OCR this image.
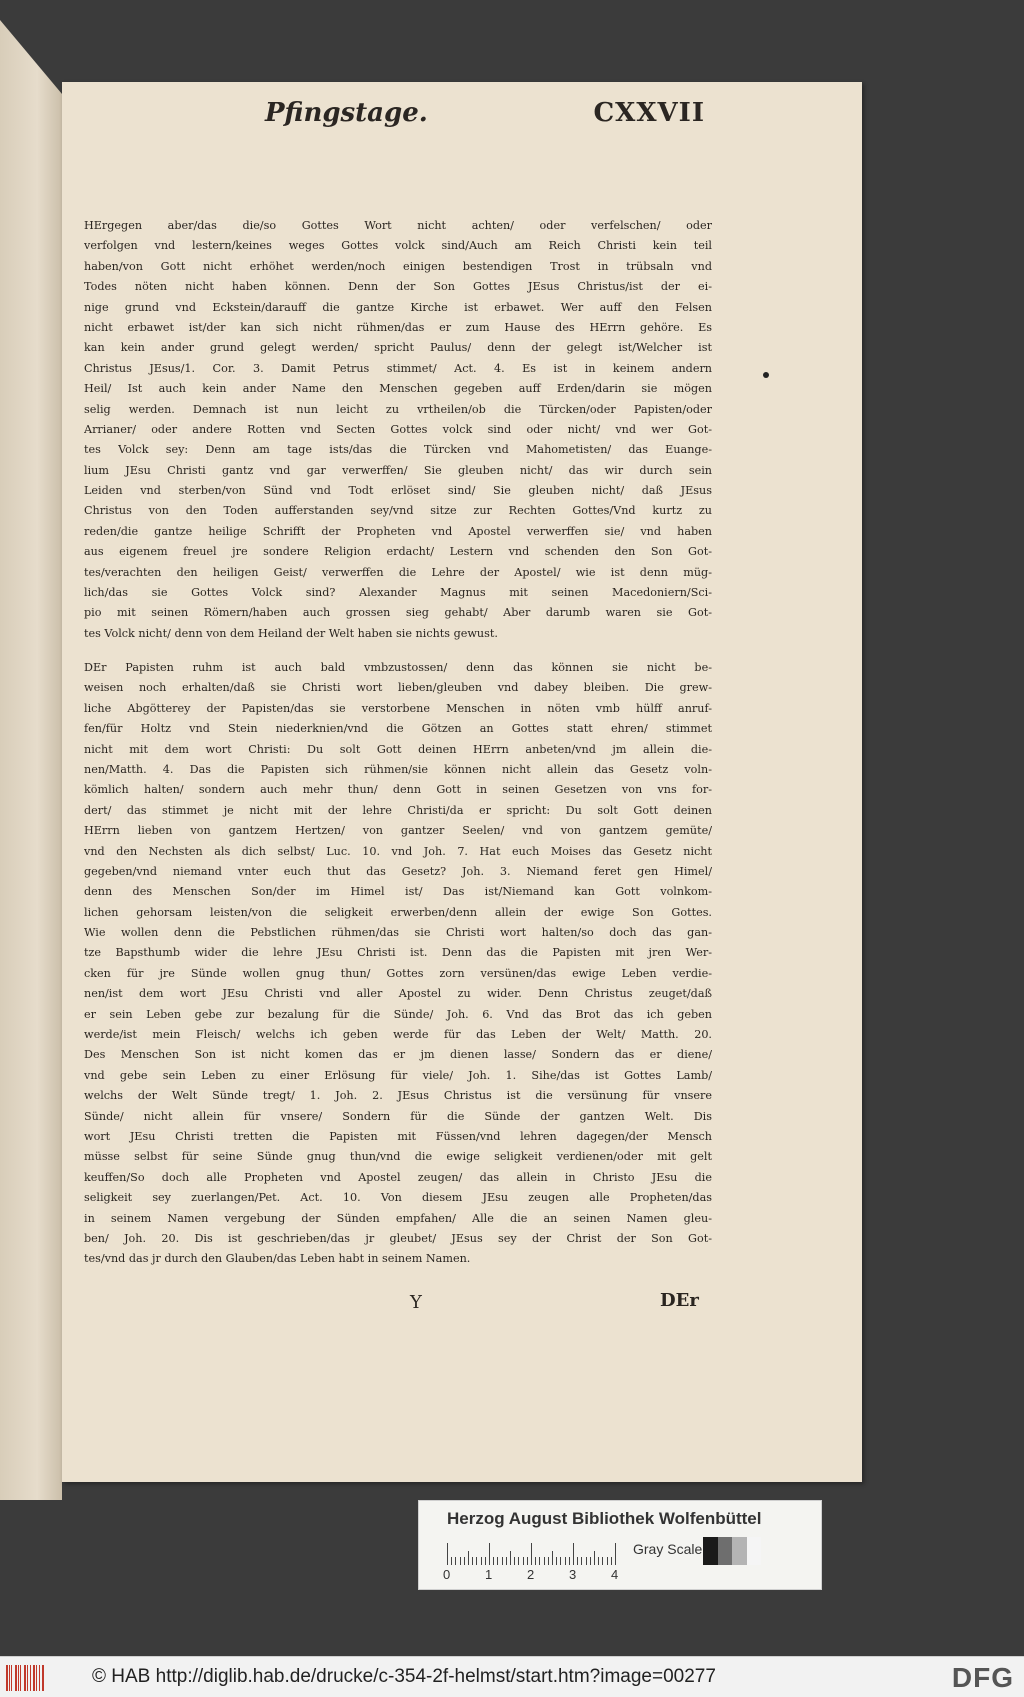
Pfingstage.	CXXVII
HErgegen aber/das die/so Gottes Wort nicht achten/ oder verfelschen/ oder
verfolgen vnd lestern/keines weges Gottes volck sind/Auch am Reich Christi kein teil
haben/von Gott nicht erhöhet werden/noch einigen bestendigen Trost in trübsaln vnd
Todes nöten nicht haben können. Denn der Son Gottes JEsus Christus/ist der ei-
nige grund vnd Eckstein/darauff die gantze Kirche ist erbawet. Wer auff den Felsen
nicht erbawet ist/der kan sich nicht rühmen/das er zum Hause des HErrn gehöre. Es
kan kein ander grund gelegt werden/ spricht Paulus/ denn der gelegt ist/Welcher ist
Christus JEsus/1. Cor. 3. Damit Petrus stimmet/ Act. 4. Es ist in keinem andern
Heil/ Ist auch kein ander Name den Menschen gegeben auff Erden/darin sie mögen
selig werden. Demnach ist nun leicht zu vrtheilen/ob die Türcken/oder Papisten/oder
Arrianer/ oder andere Rotten vnd Secten Gottes volck sind oder nicht/ vnd wer Got-
tes Volck sey: Denn am tage ists/das die Türcken vnd Mahometisten/ das Euange-
lium JEsu Christi gantz vnd gar verwerffen/ Sie gleuben nicht/ das wir durch sein
Leiden vnd sterben/von Sünd vnd Todt erlöset sind/ Sie gleuben nicht/ daß JEsus
Christus von den Toden aufferstanden sey/vnd sitze zur Rechten Gottes/Vnd kurtz zu
reden/die gantze heilige Schrifft der Propheten vnd Apostel verwerffen sie/ vnd haben
aus eigenem freuel jre sondere Religion erdacht/ Lestern vnd schenden den Son Got-
tes/verachten den heiligen Geist/ verwerffen die Lehre der Apostel/ wie ist denn müg-
lich/das sie Gottes Volck sind? Alexander Magnus mit seinen Macedoniern/Sci-
pio mit seinen Römern/haben auch grossen sieg gehabt/ Aber darumb waren sie Got-
tes Volck nicht/ denn von dem Heiland der Welt haben sie nichts gewust.
DEr Papisten ruhm ist auch bald vmbzustossen/ denn das können sie nicht be-
weisen noch erhalten/daß sie Christi wort lieben/gleuben vnd dabey bleiben. Die grew-
liche Abgötterey der Papisten/das sie verstorbene Menschen in nöten vmb hülff anruf-
fen/für Holtz vnd Stein niederknien/vnd die Götzen an Gottes statt ehren/ stimmet
nicht mit dem wort Christi: Du solt Gott deinen HErrn anbeten/vnd jm allein die-
nen/Matth. 4. Das die Papisten sich rühmen/sie können nicht allein das Gesetz voln-
kömlich halten/ sondern auch mehr thun/ denn Gott in seinen Gesetzen von vns for-
dert/ das stimmet je nicht mit der lehre Christi/da er spricht: Du solt Gott deinen
HErrn lieben von gantzem Hertzen/ von gantzer Seelen/ vnd von gantzem gemüte/
vnd den Nechsten als dich selbst/ Luc. 10. vnd Joh. 7. Hat euch Moises das Gesetz nicht
gegeben/vnd niemand vnter euch thut das Gesetz? Joh. 3. Niemand feret gen Himel/
denn des Menschen Son/der im Himel ist/ Das ist/Niemand kan Gott volnkom-
lichen gehorsam leisten/von die seligkeit erwerben/denn allein der ewige Son Gottes.
Wie wollen denn die Pebstlichen rühmen/das sie Christi wort halten/so doch das gan-
tze Bapsthumb wider die lehre JEsu Christi ist. Denn das die Papisten mit jren Wer-
cken für jre Sünde wollen gnug thun/ Gottes zorn versünen/das ewige Leben verdie-
nen/ist dem wort JEsu Christi vnd aller Apostel zu wider. Denn Christus zeuget/daß
er sein Leben gebe zur bezalung für die Sünde/ Joh. 6. Vnd das Brot das ich geben
werde/ist mein Fleisch/ welchs ich geben werde für das Leben der Welt/ Matth. 20.
Des Menschen Son ist nicht komen das er jm dienen lasse/ Sondern das er diene/
vnd gebe sein Leben zu einer Erlösung für viele/ Joh. 1. Sihe/das ist Gottes Lamb/
welchs der Welt Sünde tregt/ 1. Joh. 2. JEsus Christus ist die versünung für vnsere
Sünde/ nicht allein für vnsere/ Sondern für die Sünde der gantzen Welt. Dis
wort JEsu Christi tretten die Papisten mit Füssen/vnd lehren dagegen/der Mensch
müsse selbst für seine Sünde gnug thun/vnd die ewige seligkeit verdienen/oder mit gelt
keuffen/So doch alle Propheten vnd Apostel zeugen/ das allein in Christo JEsu die
seligkeit sey zuerlangen/Pet. Act. 10. Von diesem JEsu zeugen alle Propheten/das
in seinem Namen vergebung der Sünden empfahen/ Alle die an seinen Namen gleu-
ben/ Joh. 20. Dis ist geschrieben/das jr gleubet/ JEsus sey der Christ der Son Got-
tes/vnd das jr durch den Glauben/das Leben habt in seinem Namen.
Y	DEr
Herzog August Bibliothek Wolfenbüttel
0	1	2	3	4
Gray Scale
© HAB http://diglib.hab.de/drucke/c-354-2f-helmst/start.htm?image=00277	DFG
